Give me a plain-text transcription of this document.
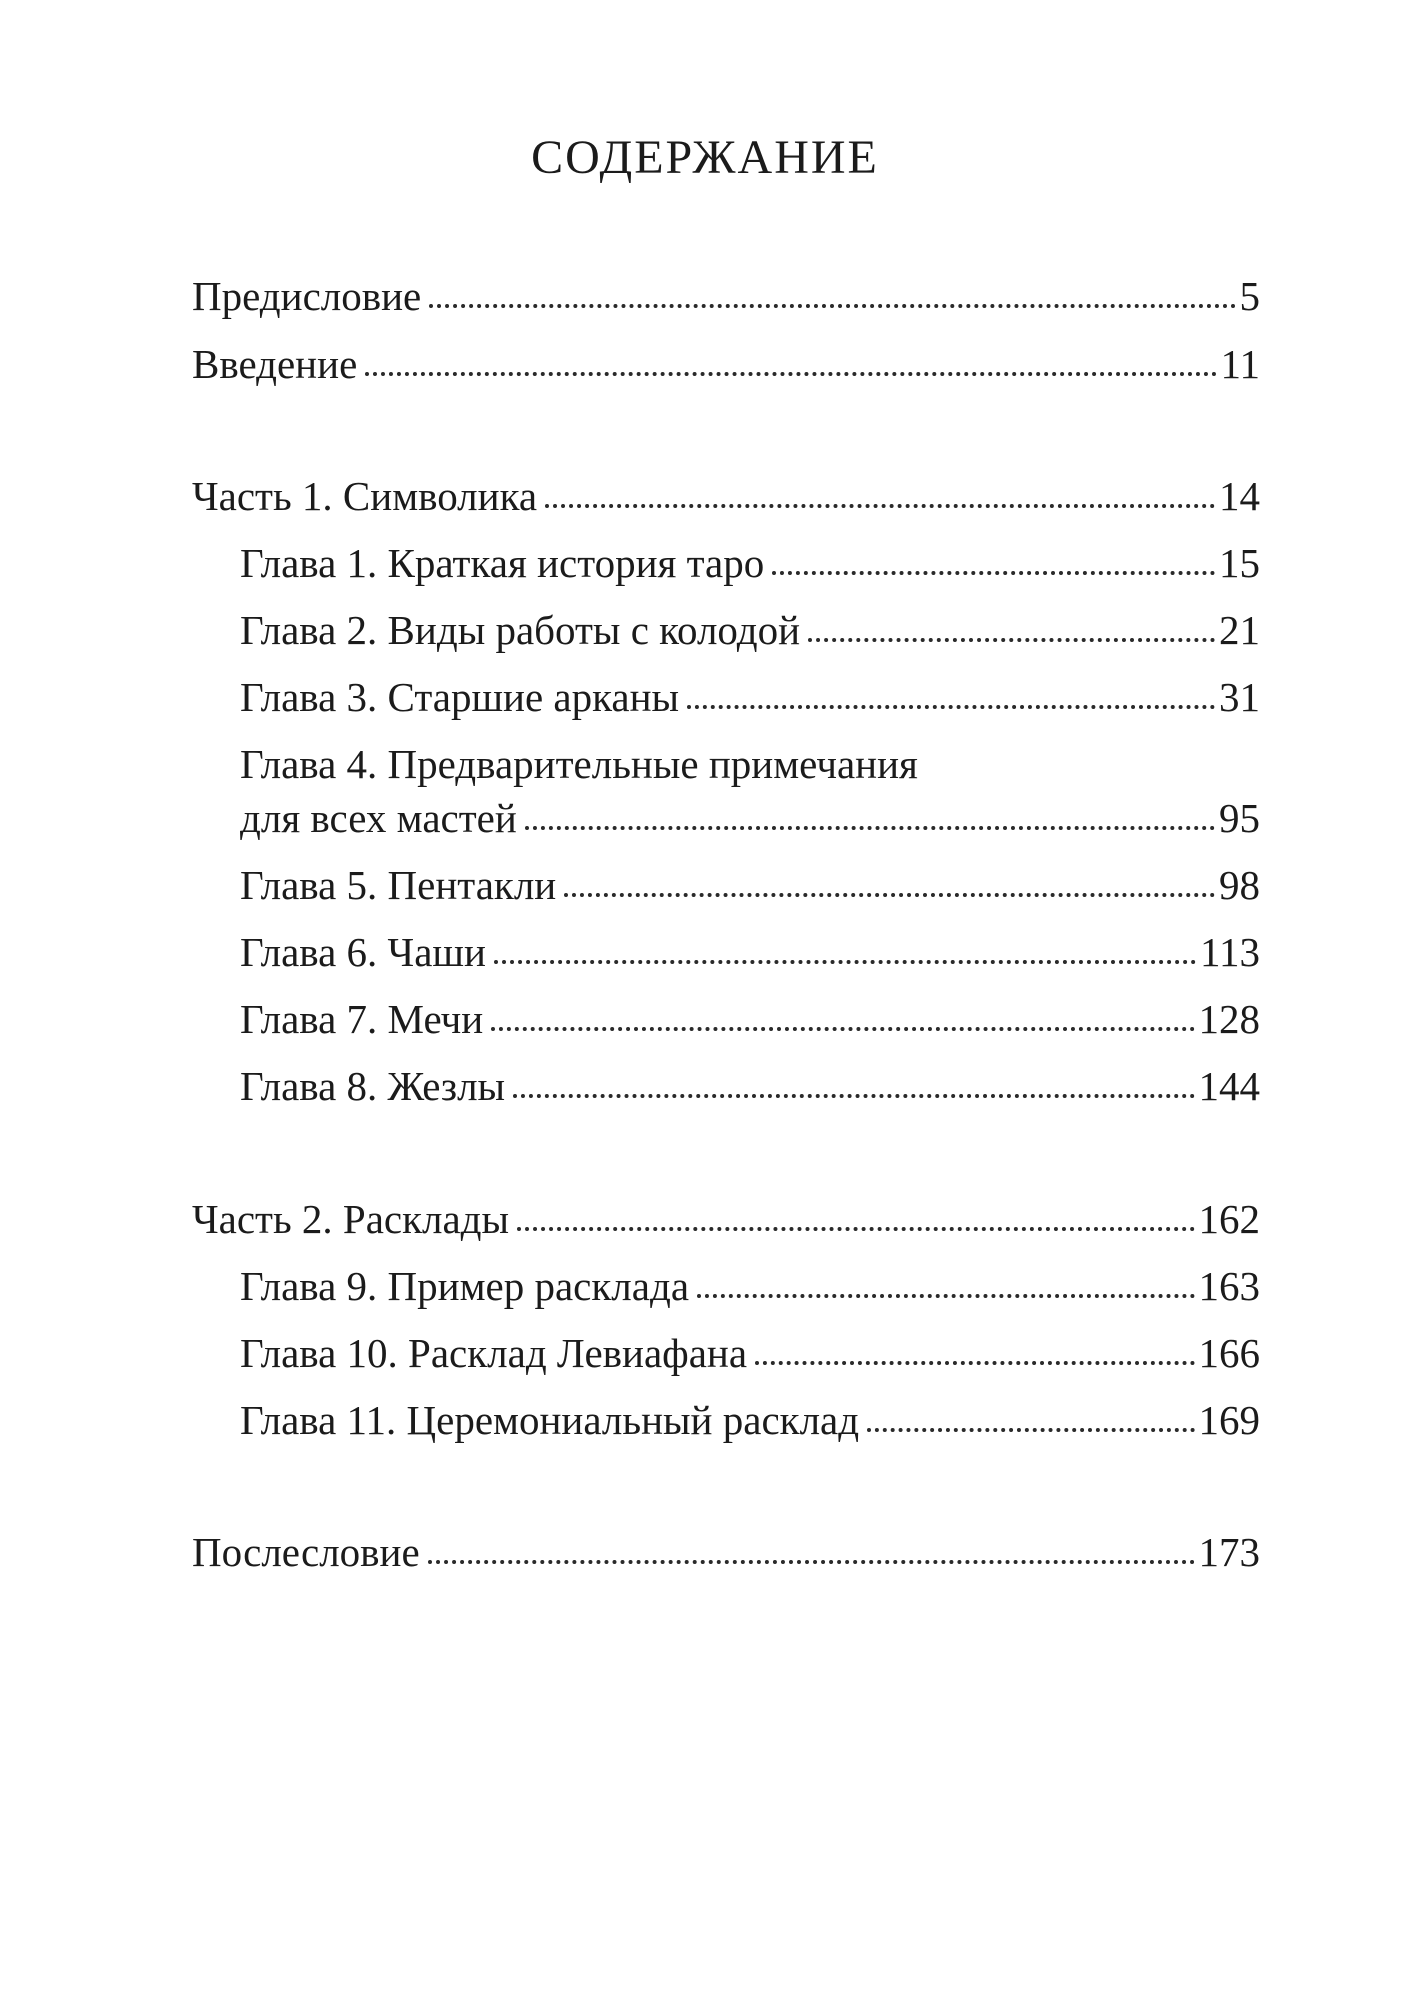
СОДЕРЖАНИЕ
Предисловие	5
Введение	11
Часть 1. Символика	14
Глава 1. Краткая история таро	15
Глава 2. Виды работы с колодой	21
Глава 3. Старшие арканы	31
Глава 4. Предварительные примечания
для всех мастей	95
Глава 5. Пентакли	98
Глава 6. Чаши	113
Глава 7. Мечи	128
Глава 8. Жезлы	144
Часть 2. Расклады	162
Глава 9. Пример расклада	163
Глава 10. Расклад Левиафана	166
Глава 11. Церемониальный расклад	169
Послесловие	173
